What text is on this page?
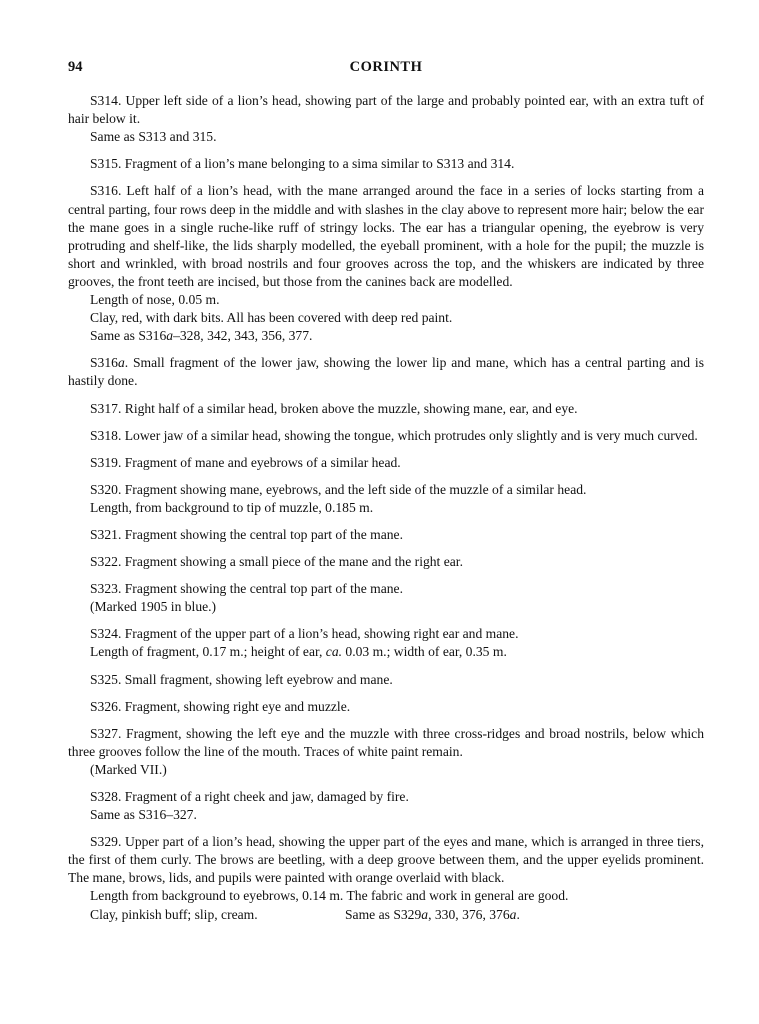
94	CORINTH

S314. Upper left side of a lion’s head, showing part of the large and probably pointed ear, with an extra tuft of hair below it.

Same as S313 and 315.

S315. Fragment of a lion’s mane belonging to a sima similar to S313 and 314.

S316. Left half of a lion’s head, with the mane arranged around the face in a series of locks starting from a central parting, four rows deep in the middle and with slashes in the clay above to represent more hair; below the ear the mane goes in a single ruche-like ruff of stringy locks. The ear has a triangular opening, the eyebrow is very protruding and shelf-like, the lids sharply modelled, the eyeball prominent, with a hole for the pupil; the muzzle is short and wrinkled, with broad nostrils and four grooves across the top, and the whiskers are indicated by three grooves, the front teeth are incised, but those from the canines back are modelled.

Length of nose, 0.05 m.

Clay, red, with dark bits. All has been covered with deep red paint.

Same as S316a–328, 342, 343, 356, 377.

S316a. Small fragment of the lower jaw, showing the lower lip and mane, which has a central parting and is hastily done.

S317. Right half of a similar head, broken above the muzzle, showing mane, ear, and eye.

S318. Lower jaw of a similar head, showing the tongue, which protrudes only slightly and is very much curved.

S319. Fragment of mane and eyebrows of a similar head.

S320. Fragment showing mane, eyebrows, and the left side of the muzzle of a similar head.

Length, from background to tip of muzzle, 0.185 m.

S321. Fragment showing the central top part of the mane.

S322. Fragment showing a small piece of the mane and the right ear.

S323. Fragment showing the central top part of the mane.

(Marked 1905 in blue.)

S324. Fragment of the upper part of a lion’s head, showing right ear and mane.

Length of fragment, 0.17 m.; height of ear, ca. 0.03 m.; width of ear, 0.35 m.

S325. Small fragment, showing left eyebrow and mane.

S326. Fragment, showing right eye and muzzle.

S327. Fragment, showing the left eye and the muzzle with three cross-ridges and broad nostrils, below which three grooves follow the line of the mouth. Traces of white paint remain.

(Marked VII.)

S328. Fragment of a right cheek and jaw, damaged by fire.

Same as S316–327.

S329. Upper part of a lion’s head, showing the upper part of the eyes and mane, which is arranged in three tiers, the first of them curly. The brows are beetling, with a deep groove between them, and the upper eyelids prominent. The mane, brows, lids, and pupils were painted with orange overlaid with black.

Length from background to eyebrows, 0.14 m. The fabric and work in general are good.

Clay, pinkish buff; slip, cream.	Same as S329a, 330, 376, 376a.
